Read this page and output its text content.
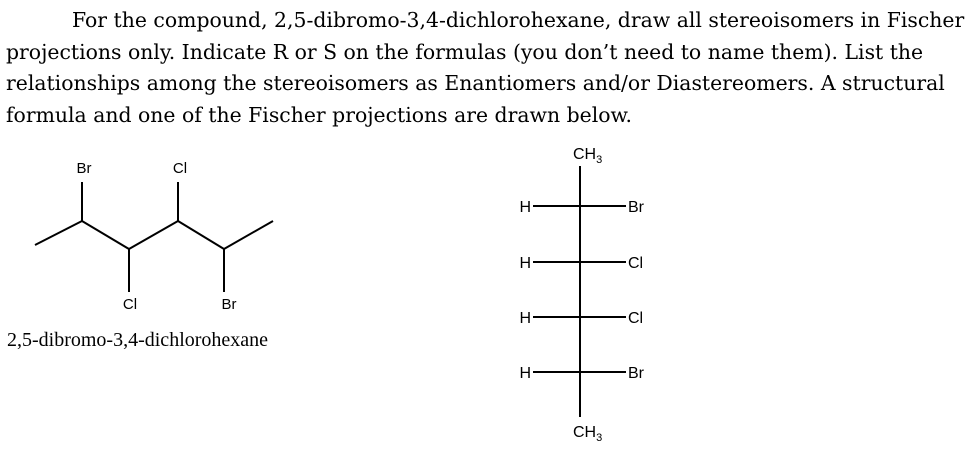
For the compound, 2,5-dibromo-3,4-dichlorohexane, draw all stereoisomers in Fischer
projections only. Indicate R or S on the formulas (you don’t need to name them). List the
relationships among the stereoisomers as Enantiomers and/or Diastereomers. A structural
formula and one of the Fischer projections are drawn below.
Br	Cl
Cl	Br
$CH_3$
$CH_3$
H	Br
H	Cl
H	Cl
H	Br
2,5-dibromo-3,4-dichlorohexane
